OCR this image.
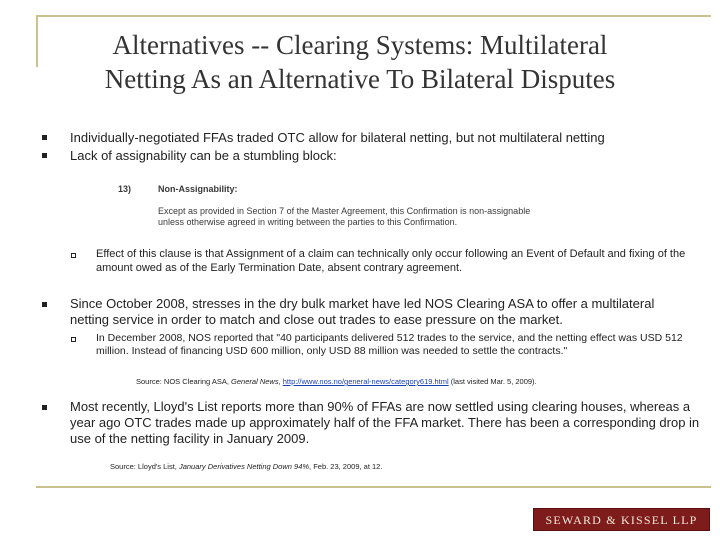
Alternatives -- Clearing Systems: Multilateral
Netting As an Alternative To Bilateral Disputes
Individually-negotiated FFAs traded OTC allow for bilateral netting, but not multilateral netting
Lack of assignability can be a stumbling block:
13)	Non-Assignability:
Except as provided in Section 7 of the Master Agreement, this Confirmation is non-assignable unless otherwise agreed in writing between the parties to this Confirmation.
Effect of this clause is that Assignment of a claim can technically only occur following an Event of Default and fixing of the amount owed as of the Early Termination Date, absent contrary agreement.
Since October 2008, stresses in the dry bulk market have led NOS Clearing ASA to offer a multilateral netting service in order to match and close out trades to ease pressure on the market.
In December 2008, NOS reported that "40 participants delivered 512 trades to the service, and the netting effect was USD 512 million. Instead of financing USD 600 million, only USD 88 million was needed to settle the contracts."
Source: NOS Clearing ASA, General News, http://www.nos.no/general-news/category619.html (last visited Mar. 5, 2009).
Most recently, Lloyd's List reports more than 90% of FFAs are now settled using clearing houses, whereas a year ago OTC trades made up approximately half of the FFA market. There has been a corresponding drop in use of the netting facility in January 2009.
Source: Lloyd's List, January Derivatives Netting Down 94%, Feb. 23, 2009, at 12.
SEWARD & KISSEL LLP
